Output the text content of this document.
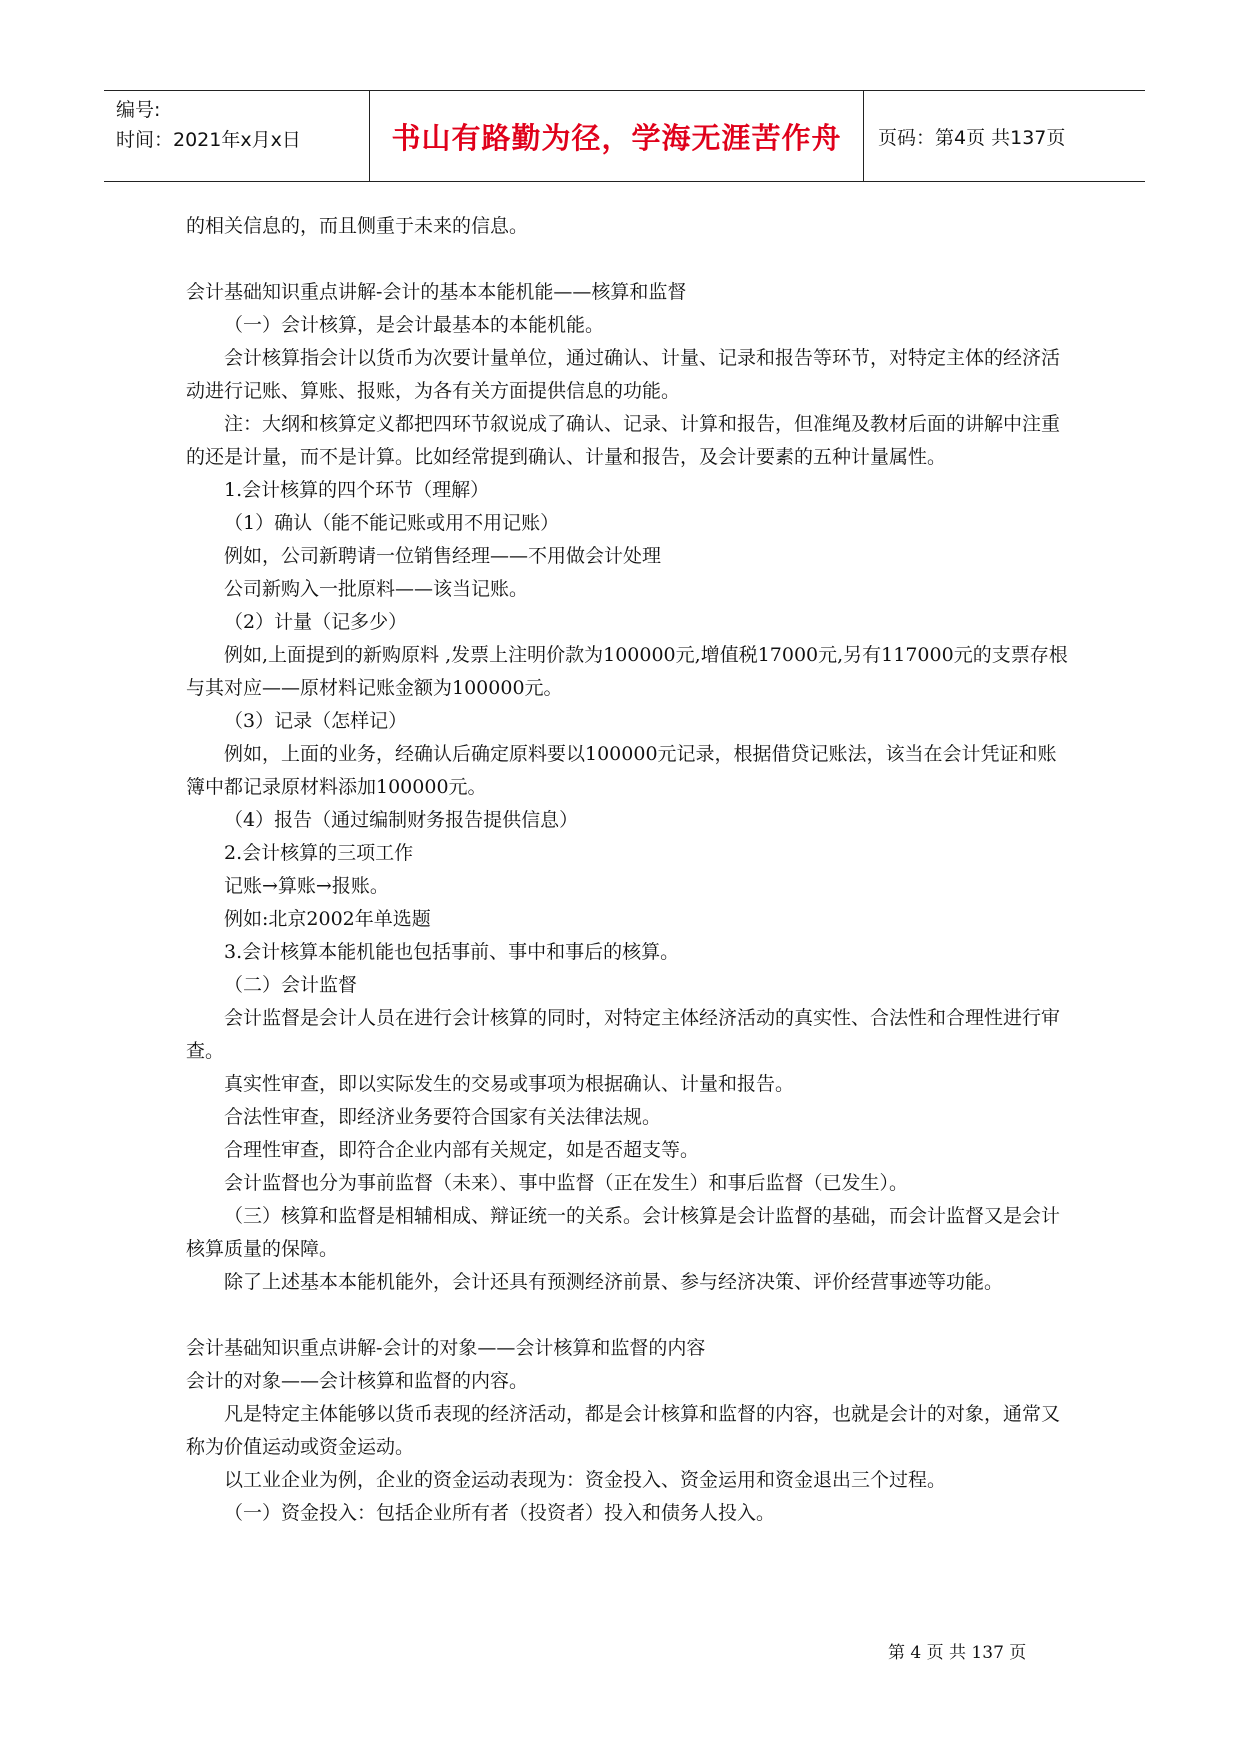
编号:
时间：2021年x月x日	书山有路勤为径，学海无涯苦作舟	页码：第4页 共137页

的相关信息的，而且侧重于未来的信息。

会计基础知识重点讲解-会计的基本本能机能——核算和监督

（一）会计核算，是会计最基本的本能机能。

会计核算指会计以货币为次要计量单位，通过确认、计量、记录和报告等环节，对特定主体的经济活动进行记账、算账、报账，为各有关方面提供信息的功能。

注：大纲和核算定义都把四环节叙说成了确认、记录、计算和报告，但准绳及教材后面的讲解中注重的还是计量，而不是计算。比如经常提到确认、计量和报告，及会计要素的五种计量属性。

1.会计核算的四个环节（理解）

（1）确认（能不能记账或用不用记账）

例如，公司新聘请一位销售经理——不用做会计处理

公司新购入一批原料——该当记账。

（2）计量（记多少）

例如,上面提到的新购原料 ,发票上注明价款为100000元,增值税17000元,另有117000元的支票存根与其对应——原材料记账金额为100000元。

（3）记录（怎样记）

例如，上面的业务，经确认后确定原料要以100000元记录，根据借贷记账法，该当在会计凭证和账簿中都记录原材料添加100000元。

（4）报告（通过编制财务报告提供信息）

2.会计核算的三项工作

记账→算账→报账。

例如:北京2002年单选题

3.会计核算本能机能也包括事前、事中和事后的核算。

（二）会计监督

会计监督是会计人员在进行会计核算的同时，对特定主体经济活动的真实性、合法性和合理性进行审查。

真实性审查，即以实际发生的交易或事项为根据确认、计量和报告。

合法性审查，即经济业务要符合国家有关法律法规。

合理性审查，即符合企业内部有关规定，如是否超支等。

会计监督也分为事前监督（未来）、事中监督（正在发生）和事后监督（已发生）。

（三）核算和监督是相辅相成、辩证统一的关系。会计核算是会计监督的基础，而会计监督又是会计核算质量的保障。

除了上述基本本能机能外，会计还具有预测经济前景、参与经济决策、评价经营事迹等功能。

会计基础知识重点讲解-会计的对象——会计核算和监督的内容

会计的对象——会计核算和监督的内容。

凡是特定主体能够以货币表现的经济活动，都是会计核算和监督的内容，也就是会计的对象，通常又称为价值运动或资金运动。

以工业企业为例，企业的资金运动表现为：资金投入、资金运用和资金退出三个过程。

（一）资金投入：包括企业所有者（投资者）投入和债务人投入。

第 4 页 共 137 页
